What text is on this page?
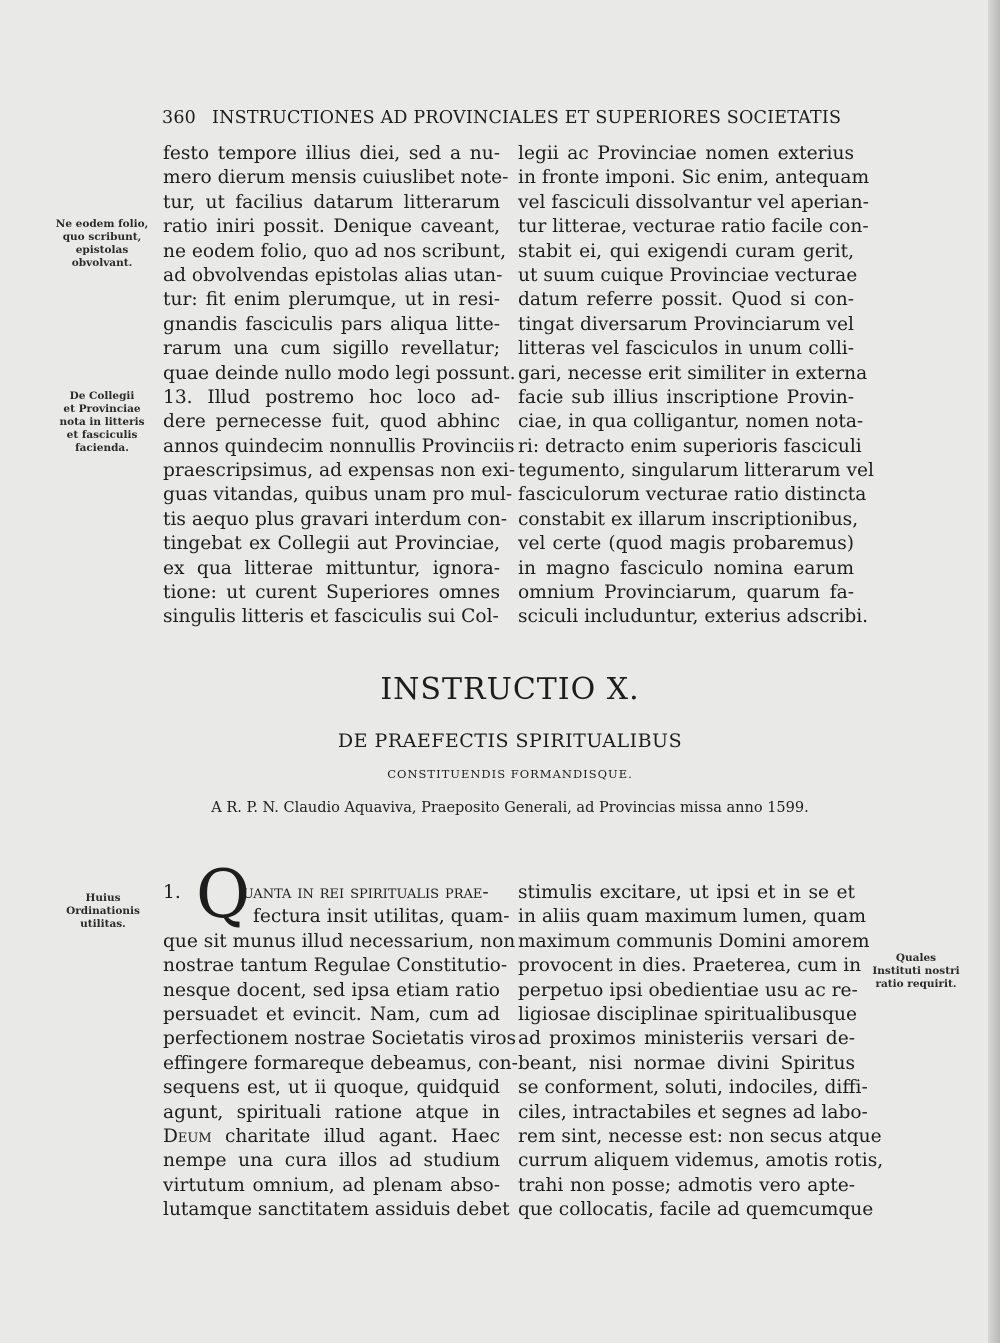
360 INSTRUCTIONES AD PROVINCIALES ET SUPERIORES SOCIETATIS
Ne eodem folio,
quo scribunt,
epistolas
obvolvant.
De Collegii
et Provinciae
nota in litteris
et fasciculis
facienda.
Huius
Ordinationis
utilitas.
Quales
Instituti nostri
ratio requirit.
festo tempore illius diei, sed a nu-
mero dierum mensis cuiuslibet note-
tur, ut facilius datarum litterarum
ratio iniri possit. Denique caveant,
ne eodem folio, quo ad nos scribunt,
ad obvolvendas epistolas alias utan-
tur: fit enim plerumque, ut in resi-
gnandis fasciculis pars aliqua litte-
rarum una cum sigillo revellatur;
quae deinde nullo modo legi possunt.
13. Illud postremo hoc loco ad-
dere pernecesse fuit, quod abhinc
annos quindecim nonnullis Provinciis
praescripsimus, ad expensas non exi-
guas vitandas, quibus unam pro mul-
tis aequo plus gravari interdum con-
tingebat ex Collegii aut Provinciae,
ex qua litterae mittuntur, ignora-
tione: ut curent Superiores omnes
singulis litteris et fasciculis sui Col-
legii ac Provinciae nomen exterius
in fronte imponi. Sic enim, antequam
vel fasciculi dissolvantur vel aperian-
tur litterae, vecturae ratio facile con-
stabit ei, qui exigendi curam gerit,
ut suum cuique Provinciae vecturae
datum referre possit. Quod si con-
tingat diversarum Provinciarum vel
litteras vel fasciculos in unum colli-
gari, necesse erit similiter in externa
facie sub illius inscriptione Provin-
ciae, in qua colligantur, nomen nota-
ri: detracto enim superioris fasciculi
tegumento, singularum litterarum vel
fasciculorum vecturae ratio distincta
constabit ex illarum inscriptionibus,
vel certe (quod magis probaremus)
in magno fasciculo nomina earum
omnium Provinciarum, quarum fa-
sciculi includuntur, exterius adscribi.
INSTRUCTIO X.
DE PRAEFECTIS SPIRITUALIBUS
CONSTITUENDIS FORMANDISQUE.
A R. P. N. Claudio Aquaviva, Praeposito Generali, ad Provincias missa anno 1599.
1.	uanta in rei spiritualis prae-
fectura insit utilitas, quam-
que sit munus illud necessarium, non
nostrae tantum Regulae Constitutio-
nesque docent, sed ipsa etiam ratio
persuadet et evincit. Nam, cum ad
perfectionem nostrae Societatis viros
effingere formareque debeamus, con-
sequens est, ut ii quoque, quidquid
agunt, spirituali ratione atque in
Deum charitate illud agant. Haec
nempe una cura illos ad studium
virtutum omnium, ad plenam abso-
lutamque sanctitatem assiduis debet
Q	stimulis excitare, ut ipsi et in se et
in aliis quam maximum lumen, quam
maximum communis Domini amorem
provocent in dies. Praeterea, cum in
perpetuo ipsi obedientiae usu ac re-
ligiosae disciplinae spiritualibusque
ad proximos ministeriis versari de-
beant, nisi normae divini Spiritus
se conforment, soluti, indociles, diffi-
ciles, intractabiles et segnes ad labo-
rem sint, necesse est: non secus atque
currum aliquem videmus, amotis rotis,
trahi non posse; admotis vero apte-
que collocatis, facile ad quemcumque
